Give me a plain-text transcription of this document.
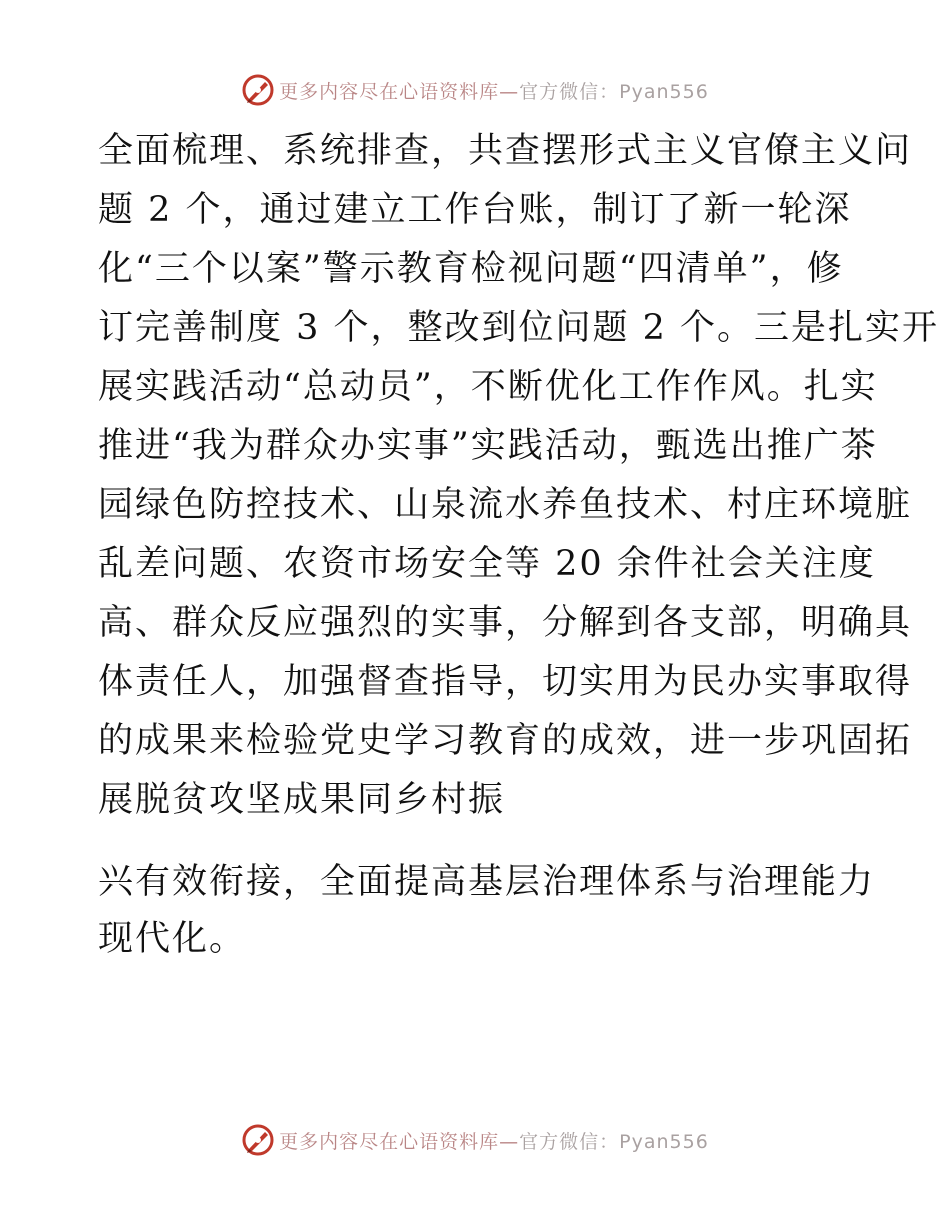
更多内容尽在心语资料库—官方微信：Pyan556
全面梳理、系统排查，共查摆形式主义官僚主义问
题 2 个，通过建立工作台账，制订了新一轮深
化“三个以案”警示教育检视问题“四清单”，修
订完善制度 3 个，整改到位问题 2 个。三是扎实开
展实践活动“总动员”，不断优化工作作风。扎实
推进“我为群众办实事”实践活动，甄选出推广茶
园绿色防控技术、山泉流水养鱼技术、村庄环境脏
乱差问题、农资市场安全等 20 余件社会关注度
高、群众反应强烈的实事，分解到各支部，明确具
体责任人，加强督查指导，切实用为民办实事取得
的成果来检验党史学习教育的成效，进一步巩固拓
展脱贫攻坚成果同乡村振
兴有效衔接，全面提高基层治理体系与治理能力
现代化。
更多内容尽在心语资料库—官方微信：Pyan556
